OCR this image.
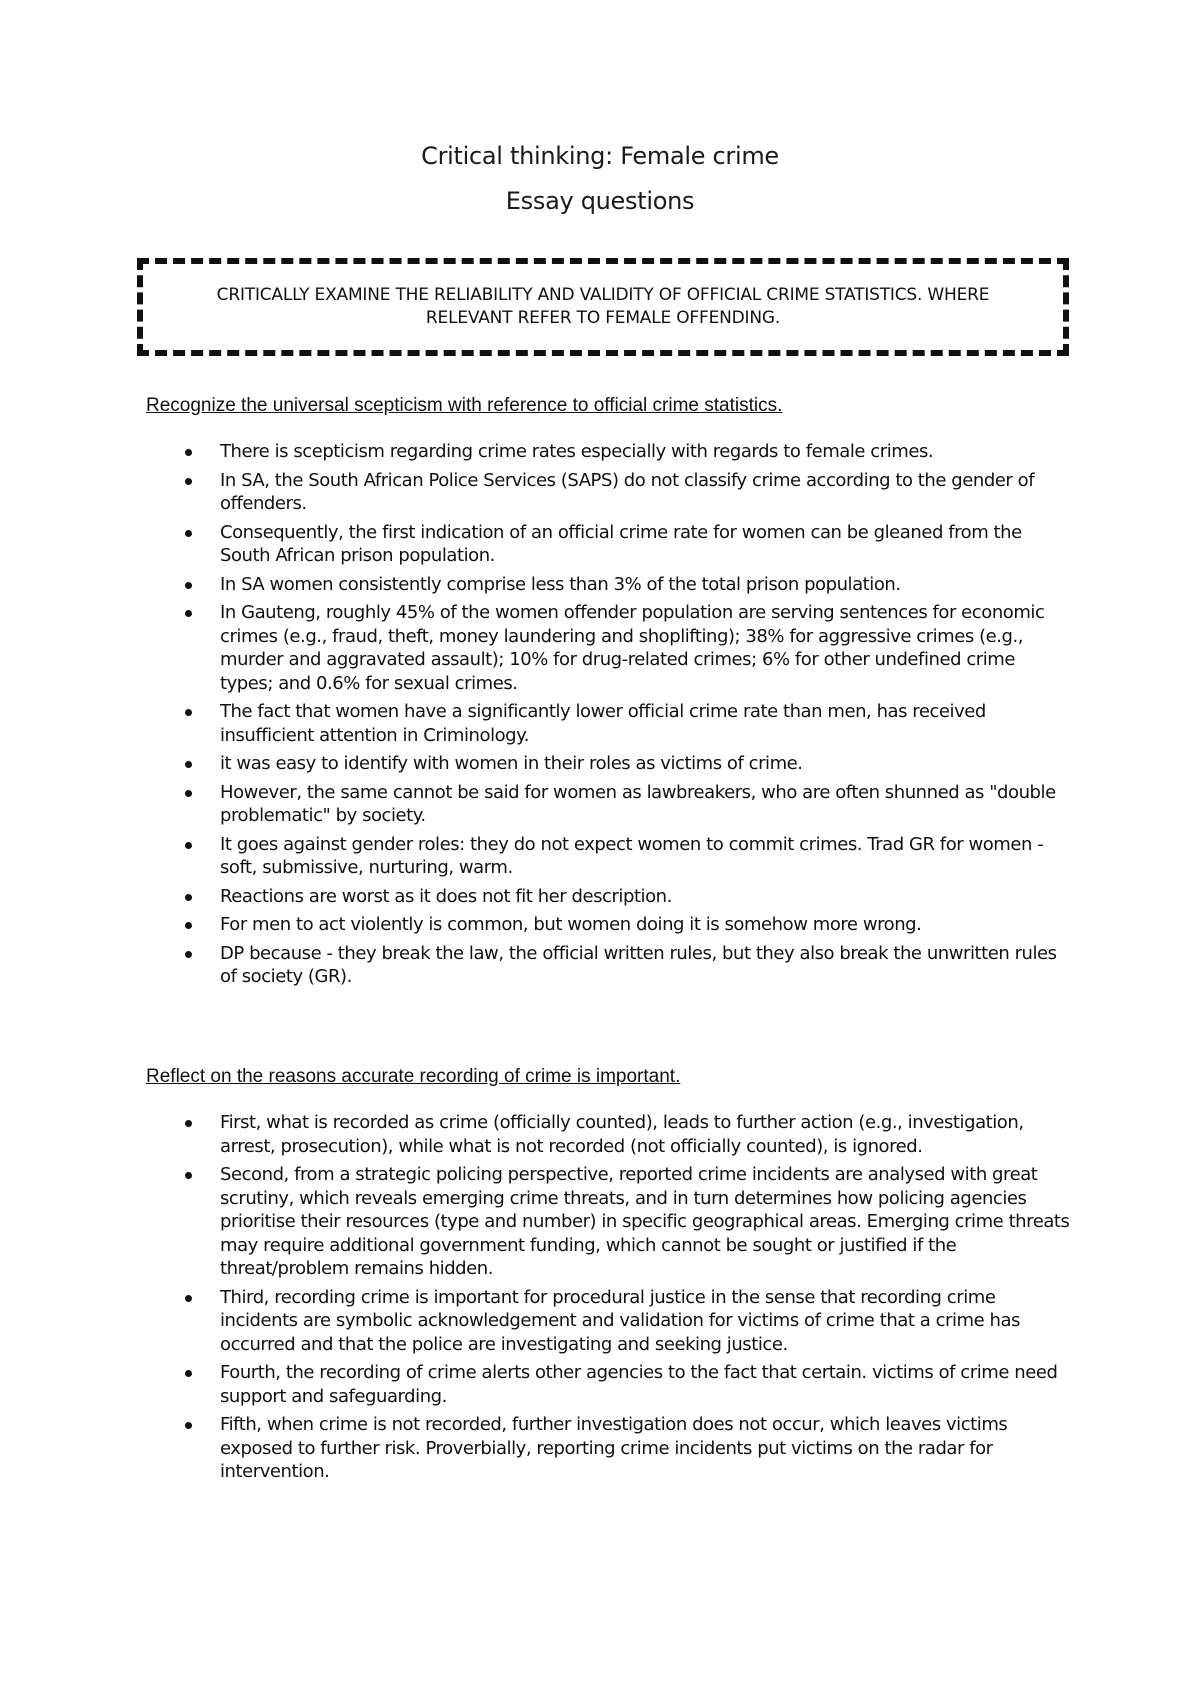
Critical thinking: Female crime
Essay questions
CRITICALLY EXAMINE THE RELIABILITY AND VALIDITY OF OFFICIAL CRIME STATISTICS. WHERE RELEVANT REFER TO FEMALE OFFENDING.
Recognize the universal scepticism with reference to official crime statistics.
There is scepticism regarding crime rates especially with regards to female crimes.
In SA, the South African Police Services (SAPS) do not classify crime according to the gender of offenders.
Consequently, the first indication of an official crime rate for women can be gleaned from the South African prison population.
In SA women consistently comprise less than 3% of the total prison population.
In Gauteng, roughly 45% of the women offender population are serving sentences for economic crimes (e.g., fraud, theft, money laundering and shoplifting); 38% for aggressive crimes (e.g., murder and aggravated assault); 10% for drug-related crimes; 6% for other undefined crime types; and 0.6% for sexual crimes.
The fact that women have a significantly lower official crime rate than men, has received insufficient attention in Criminology.
it was easy to identify with women in their roles as victims of crime.
However, the same cannot be said for women as lawbreakers, who are often shunned as "double problematic" by society.
It goes against gender roles: they do not expect women to commit crimes. Trad GR for women - soft, submissive, nurturing, warm.
Reactions are worst as it does not fit her description.
For men to act violently is common, but women doing it is somehow more wrong.
DP because - they break the law, the official written rules, but they also break the unwritten rules of society (GR).
Reflect on the reasons accurate recording of crime is important.
First, what is recorded as crime (officially counted), leads to further action (e.g., investigation, arrest, prosecution), while what is not recorded (not officially counted), is ignored.
Second, from a strategic policing perspective, reported crime incidents are analysed with great scrutiny, which reveals emerging crime threats, and in turn determines how policing agencies prioritise their resources (type and number) in specific geographical areas. Emerging crime threats may require additional government funding, which cannot be sought or justified if the threat/problem remains hidden.
Third, recording crime is important for procedural justice in the sense that recording crime incidents are symbolic acknowledgement and validation for victims of crime that a crime has occurred and that the police are investigating and seeking justice.
Fourth, the recording of crime alerts other agencies to the fact that certain. victims of crime need support and safeguarding.
Fifth, when crime is not recorded, further investigation does not occur, which leaves victims exposed to further risk. Proverbially, reporting crime incidents put victims on the radar for intervention.
